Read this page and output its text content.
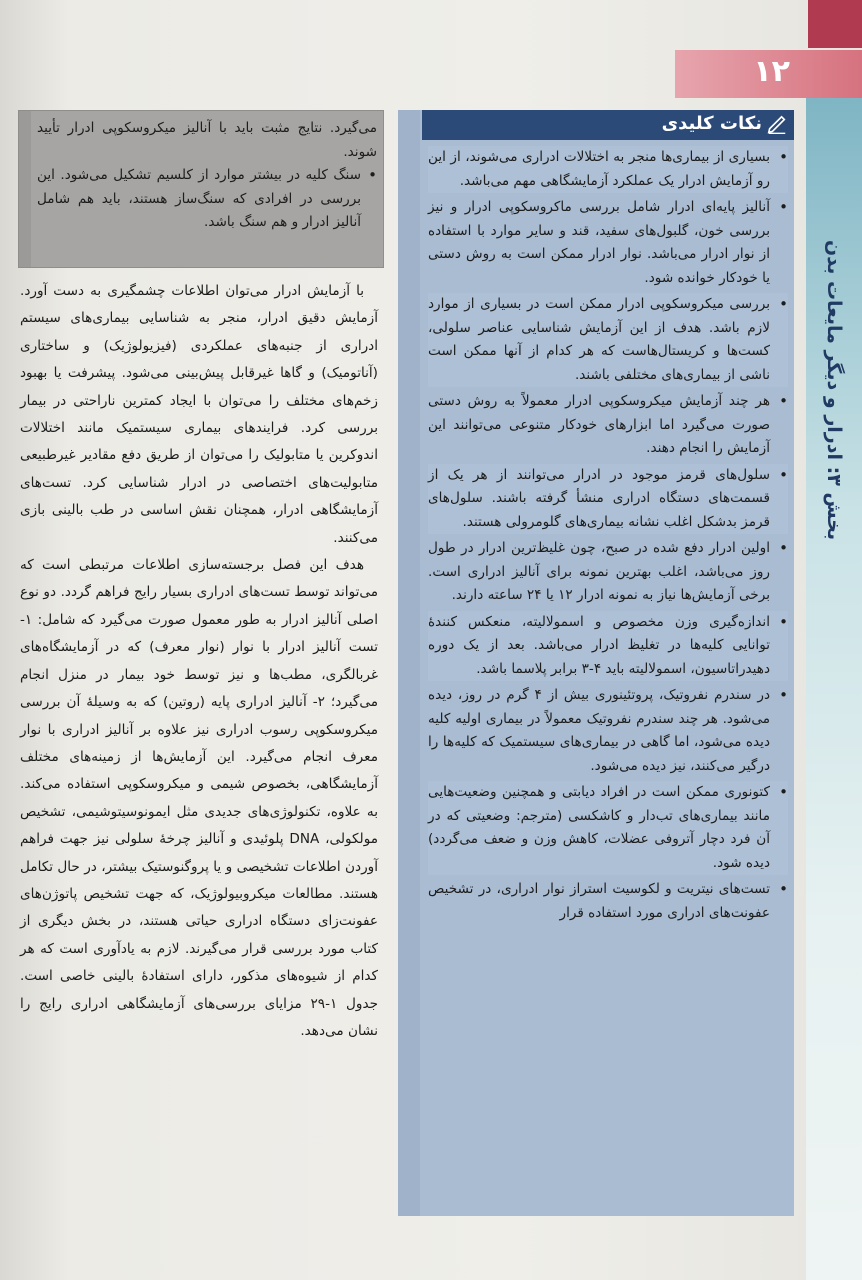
۱۲
بخش ۳: ادرار و دیگر مایعات بدن
نکات کلیدی
• بسیاری از بیماری‌ها منجر به اختلالات ادراری می‌شوند، از این رو آزمایش ادرار یک عملکرد آزمایشگاهی مهم می‌باشد.
• آنالیز پایه‌ای ادرار شامل بررسی ماکروسکوپی ادرار و نیز بررسی خون، گلبول‌های سفید، قند و سایر موارد با استفاده از نوار ادرار می‌باشد. نوار ادرار ممکن است به روش دستی یا خودکار خوانده شود.
• بررسی میکروسکوپی ادرار ممکن است در بسیاری از موارد لازم باشد. هدف از این آزمایش شناسایی عناصر سلولی، کست‌ها و کریستال‌هاست که هر کدام از آنها ممکن است ناشی از بیماری‌های مختلفی باشند.
• هر چند آزمایش میکروسکوپی ادرار معمولاً به روش دستی صورت می‌گیرد اما ابزارهای خودکار متنوعی می‌توانند این آزمایش را انجام دهند.
• سلول‌های قرمز موجود در ادرار می‌توانند از هر یک از قسمت‌های دستگاه ادراری منشأ گرفته باشند. سلول‌های قرمز بدشکل اغلب نشانه بیماری‌های گلومرولی هستند.
• اولین ادرار دفع شده در صبح، چون غلیظ‌ترین ادرار در طول روز می‌باشد، اغلب بهترین نمونه برای آنالیز ادراری است. برخی آزمایش‌ها نیاز به نمونه ادرار ۱۲ یا ۲۴ ساعته دارند.
• اندازه‌گیری وزن مخصوص و اسمولالیته، منعکس کنندهٔ توانایی کلیه‌ها در تغلیظ ادرار می‌باشد. بعد از یک دوره دهیدراتاسیون، اسمولالیته باید ۴-۳ برابر پلاسما باشد.
• در سندرم نفروتیک، پروتئینوری بیش از ۴ گرم در روز، دیده می‌شود. هر چند سندرم نفروتیک معمولاً در بیماری اولیه کلیه دیده می‌شود، اما گاهی در بیماری‌های سیستمیک که کلیه‌ها را درگیر می‌کنند، نیز دیده می‌شود.
• کتونوری ممکن است در افراد دیابتی و همچنین وضعیت‌هایی مانند بیماری‌های تب‌دار و کاشکسی (مترجم: وضعیتی که در آن فرد دچار آتروفی عضلات، کاهش وزن و ضعف می‌گردد) دیده شود.
• تست‌های نیتریت و لکوسیت استراز نوار ادراری، در تشخیص عفونت‌های ادراری مورد استفاده قرار
می‌گیرد. نتایج مثبت باید با آنالیز میکروسکوپی ادرار تأیید شوند.
• سنگ کلیه در بیشتر موارد از کلسیم تشکیل می‌شود. این بررسی در افرادی که سنگ‌ساز هستند، باید هم شامل آنالیز ادرار و هم سنگ باشد.

با آزمایش ادرار می‌توان اطلاعات چشمگیری به دست آورد. آزمایش دقیق ادرار، منجر به شناسایی بیماری‌های سیستم ادراری از جنبه‌های عملکردی (فیزیولوژیک) و ساختاری (آناتومیک) و گاها غیرقابل پیش‌بینی می‌شود. پیشرفت یا بهبود زخم‌های مختلف را می‌توان با ایجاد کمترین ناراحتی در بیمار بررسی کرد. فرایندهای بیماری سیستمیک مانند اختلالات اندوکرین یا متابولیک را می‌توان از طریق دفع مقادیر غیرطبیعی متابولیت‌های اختصاصی در ادرار شناسایی کرد. تست‌های آزمایشگاهی ادرار، همچنان نقش اساسی در طب بالینی بازی می‌کنند.

هدف این فصل برجسته‌سازی اطلاعات مرتبطی است که می‌تواند توسط تست‌های ادراری بسیار رایج فراهم گردد. دو نوع اصلی آنالیز ادرار به طور معمول صورت می‌گیرد که شامل: ۱- تست آنالیز ادرار با نوار (نوار معرف) که در آزمایشگاه‌های غربالگری، مطب‌ها و نیز توسط خود بیمار در منزل انجام می‌گیرد؛ ۲- آنالیز ادراری پایه (روتین) که به وسیلهٔ آن بررسی میکروسکوپی رسوب ادراری نیز علاوه بر آنالیز ادراری با نوار معرف انجام می‌گیرد. این آزمایش‌ها از زمینه‌های مختلف آزمایشگاهی، بخصوص شیمی و میکروسکوپی استفاده می‌کند. به علاوه، تکنولوژی‌های جدیدی مثل ایمونوسیتوشیمی، تشخیص مولکولی، DNA پلوئیدی و آنالیز چرخهٔ سلولی نیز جهت فراهم آوردن اطلاعات تشخیصی و یا پروگنوستیک بیشتر، در حال تکامل هستند. مطالعات میکروبیولوژیک، که جهت تشخیص پاتوژن‌های عفونت‌زای دستگاه ادراری حیاتی هستند، در بخش دیگری از کتاب مورد بررسی قرار می‌گیرند. لازم به یادآوری است که هر کدام از شیوه‌های مذکور، دارای استفادهٔ بالینی خاصی است. جدول ۱-۲۹ مزایای بررسی‌های آزمایشگاهی ادراری رایج را نشان می‌دهد.
